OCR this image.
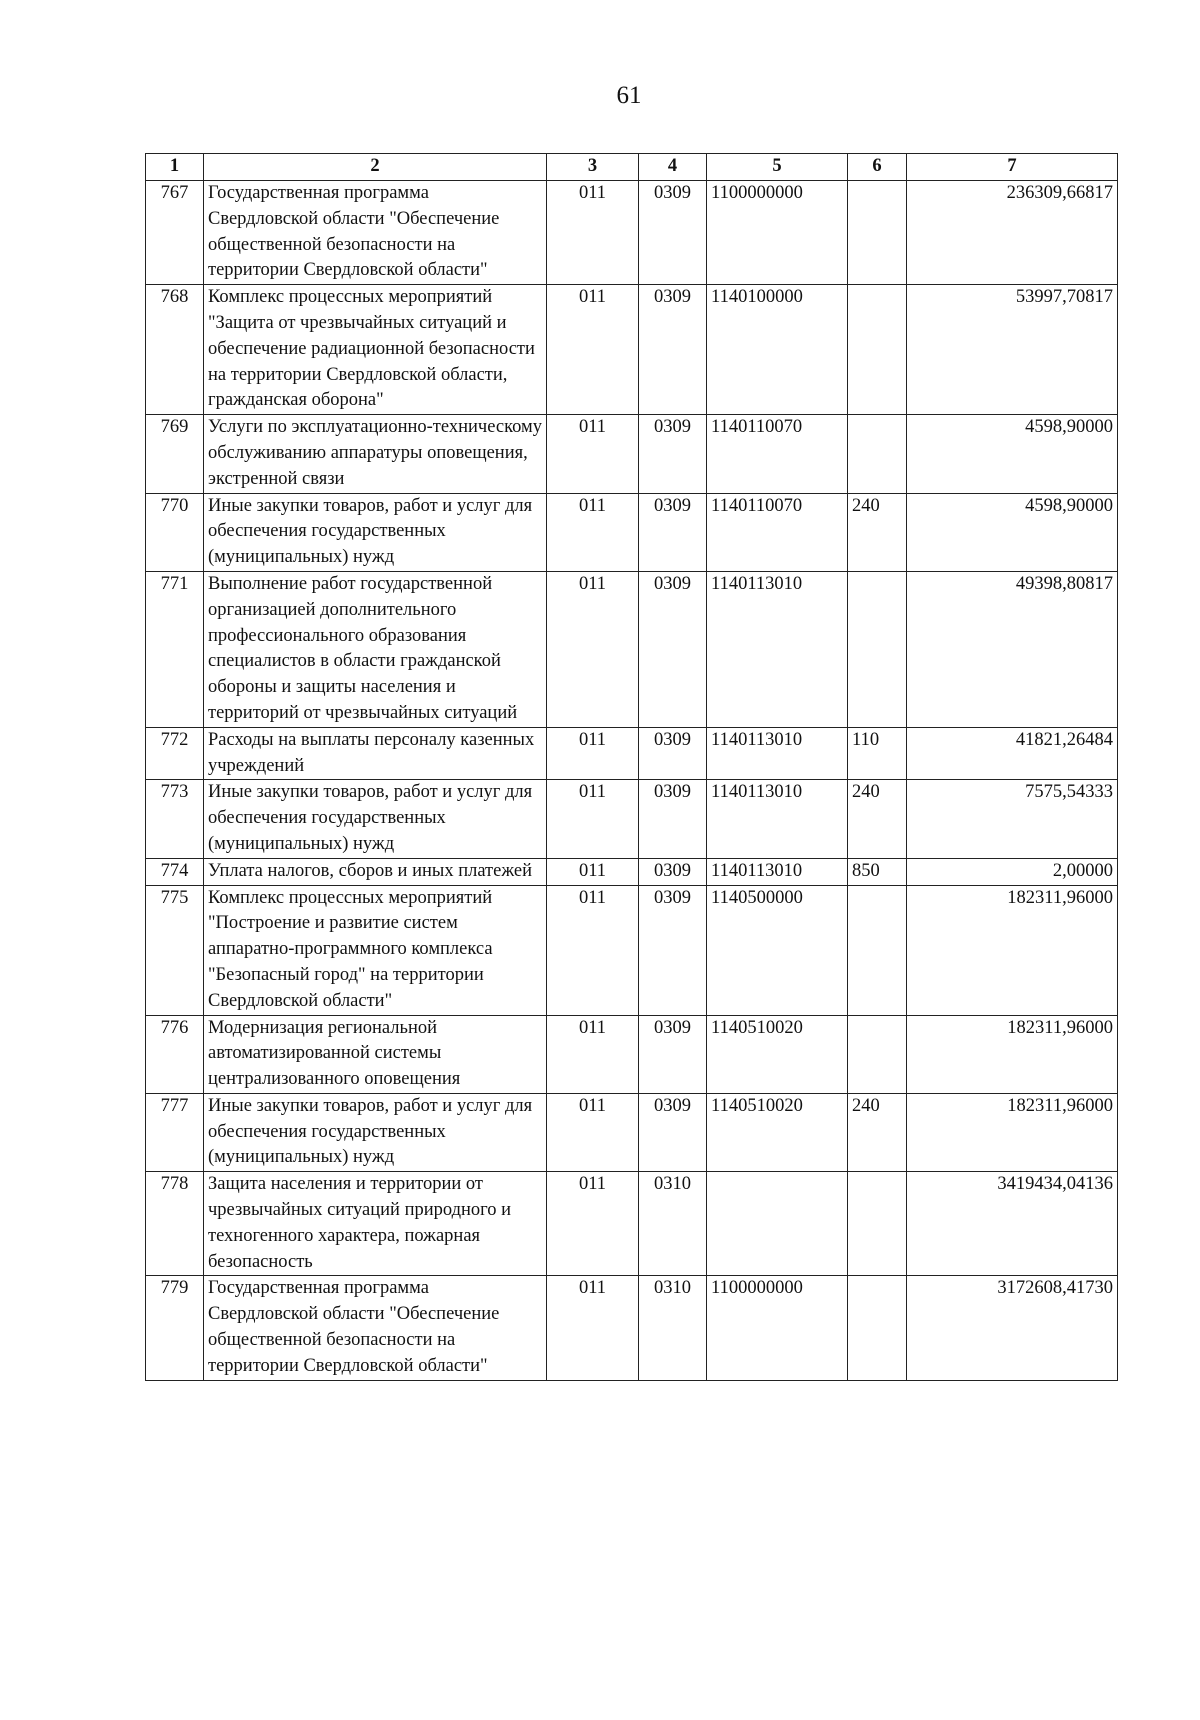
61
1	2	3	4	5	6	7
767	Государственная программа Свердловской области "Обеспечение общественной безопасности на территории Свердловской области"	011	0309	1100000000		236309,66817
768	Комплекс процессных мероприятий "Защита от чрезвычайных ситуаций и обеспечение радиационной безопасности на территории Свердловской области, гражданская оборона"	011	0309	1140100000		53997,70817
769	Услуги по эксплуатационно-техническому обслуживанию аппаратуры оповещения, экстренной связи	011	0309	1140110070		4598,90000
770	Иные закупки товаров, работ и услуг для обеспечения государственных (муниципальных) нужд	011	0309	1140110070	240	4598,90000
771	Выполнение работ государственной организацией дополнительного профессионального образования специалистов в области гражданской обороны и защиты населения и территорий от чрезвычайных ситуаций	011	0309	1140113010		49398,80817
772	Расходы на выплаты персоналу казенных учреждений	011	0309	1140113010	110	41821,26484
773	Иные закупки товаров, работ и услуг для обеспечения государственных (муниципальных) нужд	011	0309	1140113010	240	7575,54333
774	Уплата налогов, сборов и иных платежей	011	0309	1140113010	850	2,00000
775	Комплекс процессных мероприятий "Построение и развитие систем аппаратно-программного комплекса "Безопасный город" на территории Свердловской области"	011	0309	1140500000		182311,96000
776	Модернизация региональной автоматизированной системы централизованного оповещения	011	0309	1140510020		182311,96000
777	Иные закупки товаров, работ и услуг для обеспечения государственных (муниципальных) нужд	011	0309	1140510020	240	182311,96000
778	Защита населения и территории от чрезвычайных ситуаций природного и техногенного характера, пожарная безопасность	011	0310			3419434,04136
779	Государственная программа Свердловской области "Обеспечение общественной безопасности на территории Свердловской области"	011	0310	1100000000		3172608,41730
